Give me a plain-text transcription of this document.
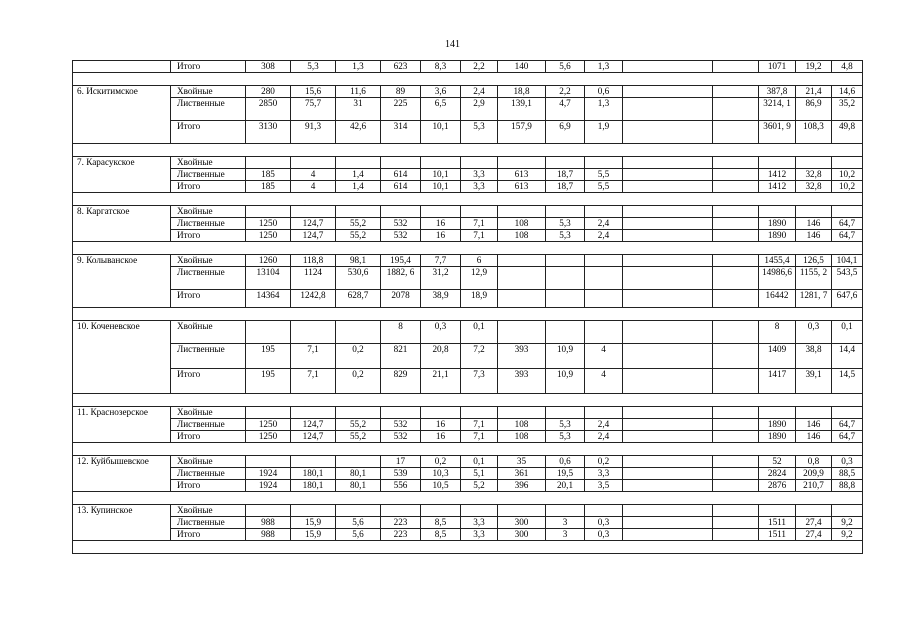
141
	Итого	308	5,3	1,3	623	8,3	2,2	140	5,6	1,3			1071	19,2	4,8

6. Искитимское	Хвойные	280	15,6	11,6	89	3,6	2,4	18,8	2,2	0,6			387,8	21,4	14,6
	Лиственные	2850	75,7	31	225	6,5	2,9	139,1	4,7	1,3			3214, 1	86,9	35,2
	Итого	3130	91,3	42,6	314	10,1	5,3	157,9	6,9	1,9			3601, 9	108,3	49,8

7. Карасукское	Хвойные														
	Лиственные	185	4	1,4	614	10,1	3,3	613	18,7	5,5			1412	32,8	10,2
	Итого	185	4	1,4	614	10,1	3,3	613	18,7	5,5			1412	32,8	10,2

8. Каргатское	Хвойные														
	Лиственные	1250	124,7	55,2	532	16	7,1	108	5,3	2,4			1890	146	64,7
	Итого	1250	124,7	55,2	532	16	7,1	108	5,3	2,4			1890	146	64,7

9. Колыванское	Хвойные	1260	118,8	98,1	195,4	7,7	6						1455,4	126,5	104,1
	Лиственные	13104	1124	530,6	1882, 6	31,2	12,9						14986,6	1155, 2	543,5
	Итого	14364	1242,8	628,7	2078	38,9	18,9						16442	1281, 7	647,6

10. Коченевское	Хвойные				8	0,3	0,1						8	0,3	0,1
	Лиственные	195	7,1	0,2	821	20,8	7,2	393	10,9	4			1409	38,8	14,4
	Итого	195	7,1	0,2	829	21,1	7,3	393	10,9	4			1417	39,1	14,5

11. Краснозерское	Хвойные														
	Лиственные	1250	124,7	55,2	532	16	7,1	108	5,3	2,4			1890	146	64,7
	Итого	1250	124,7	55,2	532	16	7,1	108	5,3	2,4			1890	146	64,7

12. Куйбышевское	Хвойные				17	0,2	0,1	35	0,6	0,2			52	0,8	0,3
	Лиственные	1924	180,1	80,1	539	10,3	5,1	361	19,5	3,3			2824	209,9	88,5
	Итого	1924	180,1	80,1	556	10,5	5,2	396	20,1	3,5			2876	210,7	88,8

13. Купинское	Хвойные														
	Лиственные	988	15,9	5,6	223	8,5	3,3	300	3	0,3			1511	27,4	9,2
	Итого	988	15,9	5,6	223	8,5	3,3	300	3	0,3			1511	27,4	9,2
